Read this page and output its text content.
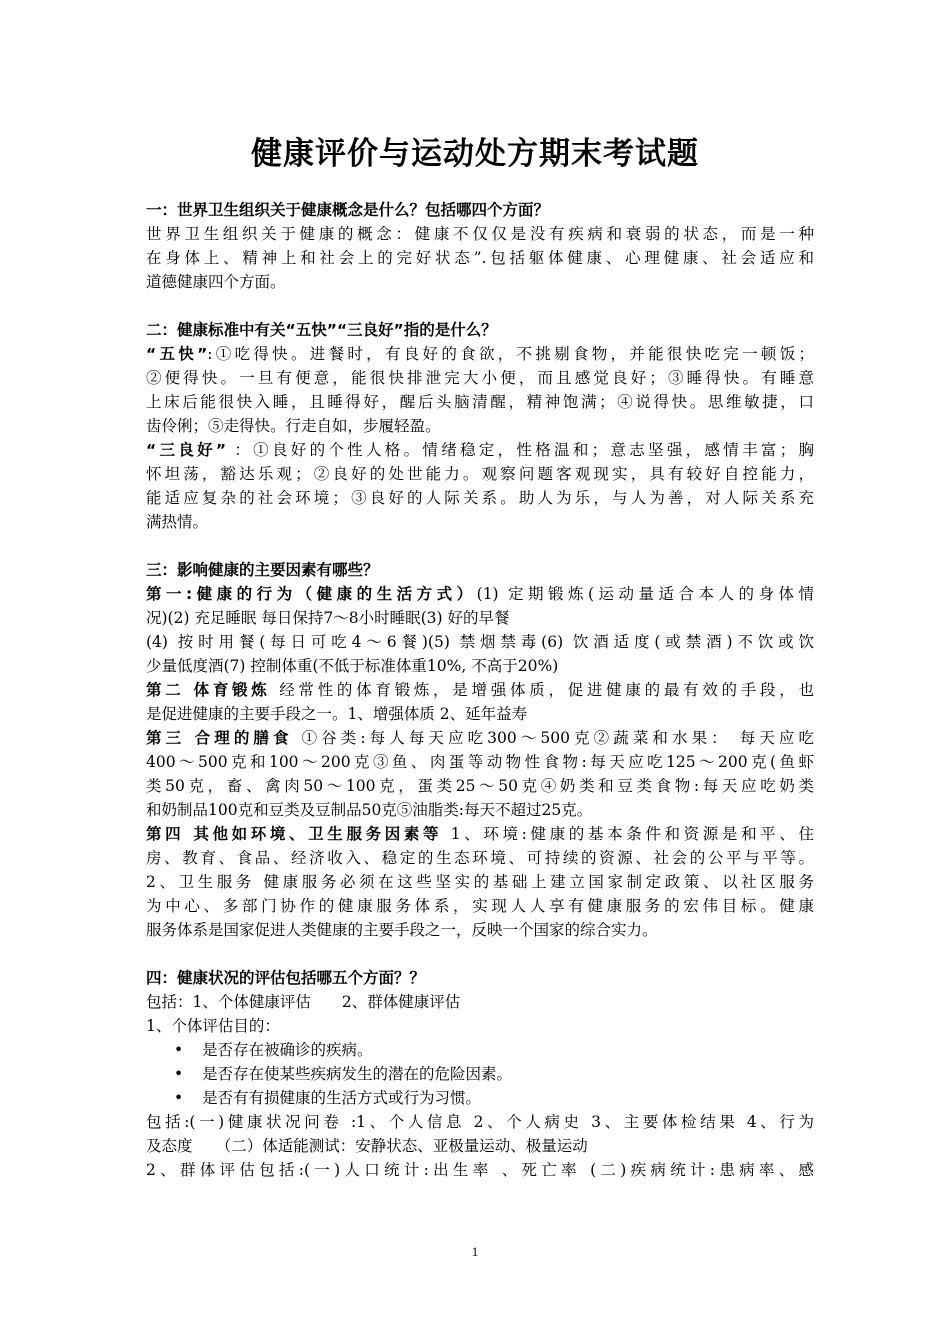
健康评价与运动处方期末考试题
一：世界卫生组织关于健康概念是什么？包括哪四个方面？
世界卫生组织关于健康的概念：健康不仅仅是没有疾病和衰弱的状态，而是一种
在身体上、精神上和社会上的完好状态”.包括躯体健康、心理健康、社会适应和
道德健康四个方面。
二：健康标准中有关“五快”“三良好”指的是什么？
“五快”:①吃得快。进餐时，有良好的食欲，不挑剔食物，并能很快吃完一顿饭；
②便得快。一旦有便意，能很快排泄完大小便，而且感觉良好；③睡得快。有睡意
上床后能很快入睡，且睡得好，醒后头脑清醒，精神饱满；④说得快。思维敏捷，口
齿伶俐；⑤走得快。行走自如，步履轻盈。
“三良好” ：①良好的个性人格。情绪稳定，性格温和；意志坚强，感情丰富；胸
怀坦荡，豁达乐观；②良好的处世能力。观察问题客观现实，具有较好自控能力，
能适应复杂的社会环境；③良好的人际关系。助人为乐，与人为善，对人际关系充
满热情。
三：影响健康的主要因素有哪些？
第一:健康的行为（健康的生活方式）(1) 定期锻炼(运动量适合本人的身体情
况)(2) 充足睡眠 每日保持7～8小时睡眠(3) 好的早餐
(4) 按时用餐(每日可吃4～6餐)(5) 禁烟禁毒(6) 饮酒适度(或禁酒)不饮或饮
少量低度酒(7) 控制体重(不低于标准体重10%, 不高于20%)
第二 体育锻炼 经常性的体育锻炼，是增强体质，促进健康的最有效的手段，也
是促进健康的主要手段之一。1、增强体质 2、延年益寿
第三 合理的膳食 ①谷类:每人每天应吃300～500克②蔬菜和水果： 每天应吃
400～500克和100～200克③鱼、肉蛋等动物性食物:每天应吃125～200克(鱼虾
类50克，畜、禽肉50～100克，蛋类25～50克④奶类和豆类食物:每天应吃奶类
和奶制品100克和豆类及豆制品50克⑤油脂类:每天不超过25克。
第四 其他如环境、卫生服务因素等 1、环境:健康的基本条件和资源是和平、住
房、教育、食品、经济收入、稳定的生态环境、可持续的资源、社会的公平与平等。
2、卫生服务 健康服务必须在这些坚实的基础上建立国家制定政策、以社区服务
为中心、多部门协作的健康服务体系，实现人人享有健康服务的宏伟目标。健康
服务体系是国家促进人类健康的主要手段之一，反映一个国家的综合实力。
四：健康状况的评估包括哪五个方面？？
包括：1、个体健康评估　　2、群体健康评估
1、个体评估目的：
• 是否存在被确诊的疾病。
• 是否存在使某些疾病发生的潜在的危险因素。
• 是否有有损健康的生活方式或行为习惯。
包括:(一)健康状况问卷 :1、个人信息 2、个人病史 3、主要体检结果 4、行为
及态度　　（二）体适能测试：安静状态、亚极量运动、极量运动
2、群体评估包括:(一)人口统计:出生率 、死亡率 (二)疾病统计:患病率、感
1
